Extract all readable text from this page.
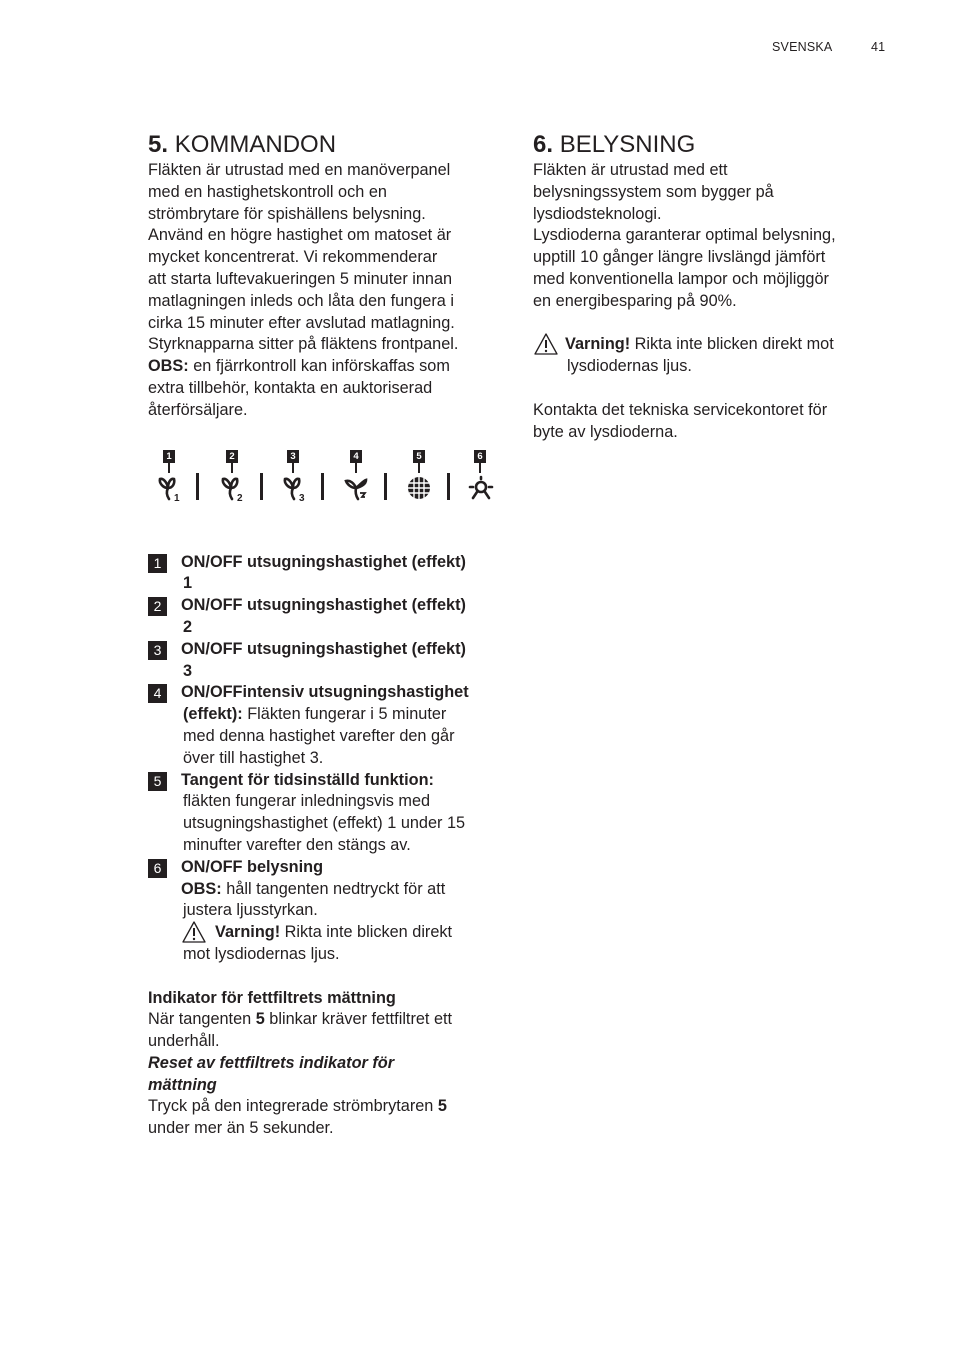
SVENSKA	41
5. KOMMANDON

Fläkten är utrustad med en manöverpanel

med en hastighetskontroll och en

strömbrytare för spishällens belysning.

Använd en högre hastighet om matoset är

mycket koncentrerat. Vi rekommenderar

att starta luftevakueringen 5 minuter innan

matlagningen inleds och låta den fungera i

cirka 15 minuter efter avslutad matlagning.

Styrknapparna sitter på fläktens frontpanel.

OBS: en fjärrkontroll kan införskaffas som

extra tillbehör, kontakta en auktoriserad

återförsäljare.

1	2	3	4	5	6
1	2	3
1	ON/OFF utsugningshastighet (effekt)
1
2	ON/OFF utsugningshastighet (effekt)
2
3	ON/OFF utsugningshastighet (effekt)
3
4	ON/OFFintensiv utsugningshastighet
(effekt): Fläkten fungerar i 5 minuter
med denna hastighet varefter den går
över till hastighet 3.
5	Tangent för tidsinställd funktion:
fläkten fungerar inledningsvis med
utsugningshastighet (effekt) 1 under 15
minufter varefter den stängs av.
6	ON/OFF belysning
OBS: håll tangenten nedtryckt för att
justera ljusstyrkan.
Varning! Rikta inte blicken direkt
mot lysdiodernas ljus.

Indikator för fettfiltrets mättning

När tangenten 5 blinkar kräver fettfiltret ett

underhåll.

Reset av fettfiltrets indikator för

mättning

Tryck på den integrerade strömbrytaren 5

under mer än 5 sekunder.

6. BELYSNING

Fläkten är utrustad med ett

belysningssystem som bygger på

lysdiodsteknologi.

Lysdioderna garanterar optimal belysning,

upptill 10 gånger längre livslängd jämfört

med konventionella lampor och möjliggör

en energibesparing på 90%.

Varning! Rikta inte blicken direkt mot

lysdiodernas ljus.

Kontakta det tekniska servicekontoret för

byte av lysdioderna.
